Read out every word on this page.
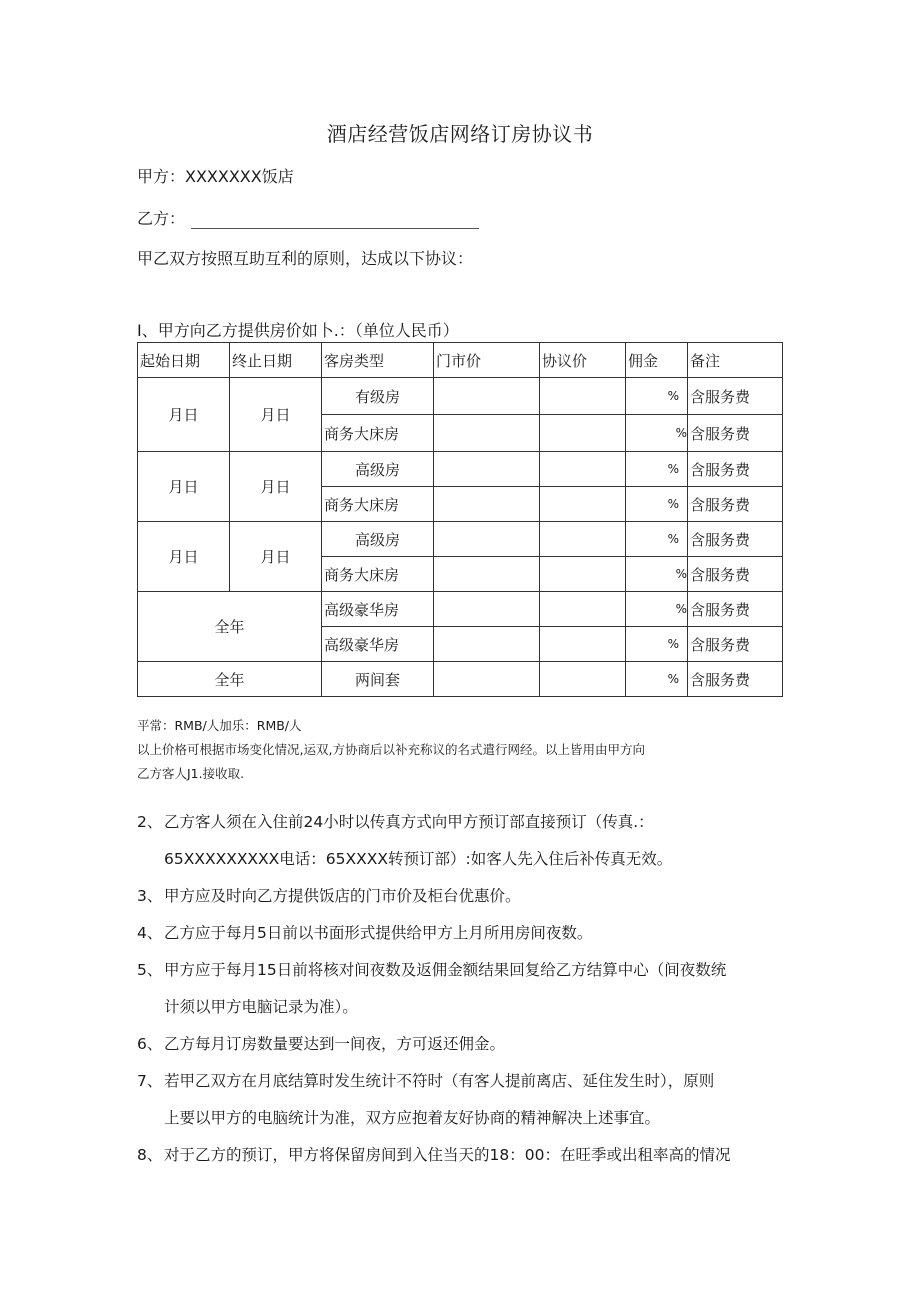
酒店经营饭店网络订房协议书
甲方：XXXXXXX饭店
乙方：
甲乙双方按照互助互利的原则，达成以下协议：
I、甲方向乙方提供房价如卜.：（单位人民币）
起始日期	终止日期	客房类型	门市价	协议价	佣金	备注
月日	月日	有级房			%	含服务费
		商务大床房			%	含服务费
月日	月日	高级房			%	含服务费
		商务大床房			%	含服务费
月日	月日	高级房			%	含服务费
		商务大床房			%	含服务费
全年		高级豪华房			%	含服务费
		高级豪华房			%	含服务费
全年		两间套			%	含服务费
平常：RMB/人加乐：RMB/人
以上价格可根据市场变化情况,运双,方协商后以补充称议的名式遣行网经。以上皆用由甲方向
乙方客人J1.接收取.
2、 乙方客人须在入住前24小时以传真方式向甲方预订部直接预订（传真.：
65XXXXXXXXX电话：65XXXX转预订部）:如客人先入住后补传真无效。
3、 甲方应及时向乙方提供饭店的门市价及柜台优惠价。
4、 乙方应于每月5日前以书面形式提供给甲方上月所用房间夜数。
5、 甲方应于每月15日前将核对间夜数及返佣金额结果回复给乙方结算中心（间夜数统
计须以甲方电脑记录为准）。
6、 乙方每月订房数量要达到一间夜，方可返还佣金。
7、 若甲乙双方在月底结算时发生统计不符时（有客人提前离店、延住发生时），原则
上要以甲方的电脑统计为准，双方应抱着友好协商的精神解决上述事宜。
8、 对于乙方的预订，甲方将保留房间到入住当天的18：00：在旺季或出租率高的情况
